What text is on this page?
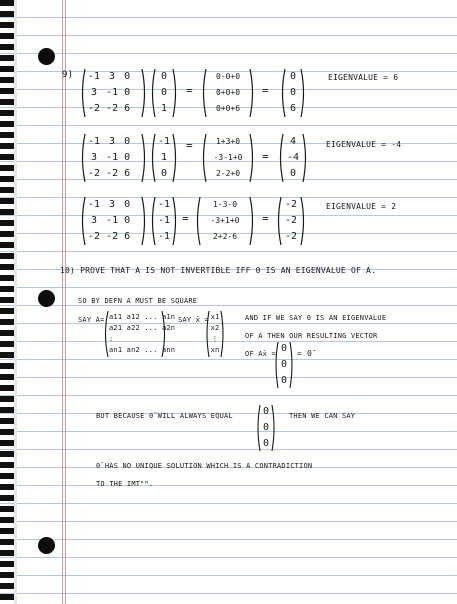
9) -1	3	0
3	-1	0
-2	-2	6
0
0
1
=
0-0+0
0+0+0
0+0+6
=
0
0
6
EIGENVALUE = 6
-1	3	0
3	-1	0
-2	-2	6
-1
1
0
=	1+3+0
-3-1+0
2-2+0
=
4
-4
0
EIGENVALUE = -4
-1	3	0
3	-1	0
-2	-2	6
-1
-1
-1
=
1-3-0
-3+1+0
2+2-6
=
-2
-2
-2
EIGENVALUE = 2
10) PROVE THAT A IS NOT INVERTIBLE IFF 0 IS AN EIGENVALUE OF A.
SO BY DEFN A MUST BE SQUARE
SAY A= a11 a12 ... a1n
a21 a22 ... a2n
:
an1 an2 ... ann
SAY x̄ = x1
x2
⋮
xn
AND IF WE SAY 0 IS AN EIGENVALUE
OF A THEN OUR RESULTING VECTOR
OF Ax̄ = 0
0
0
= 0̄
BUT BECAUSE 0̄ WILL ALWAYS EQUAL	0
0
0
THEN WE CAN SAY
0̄ HAS NO UNIQUE SOLUTION WHICH IS A CONTRADICTION
TO THE IMTᴿᴹ.
